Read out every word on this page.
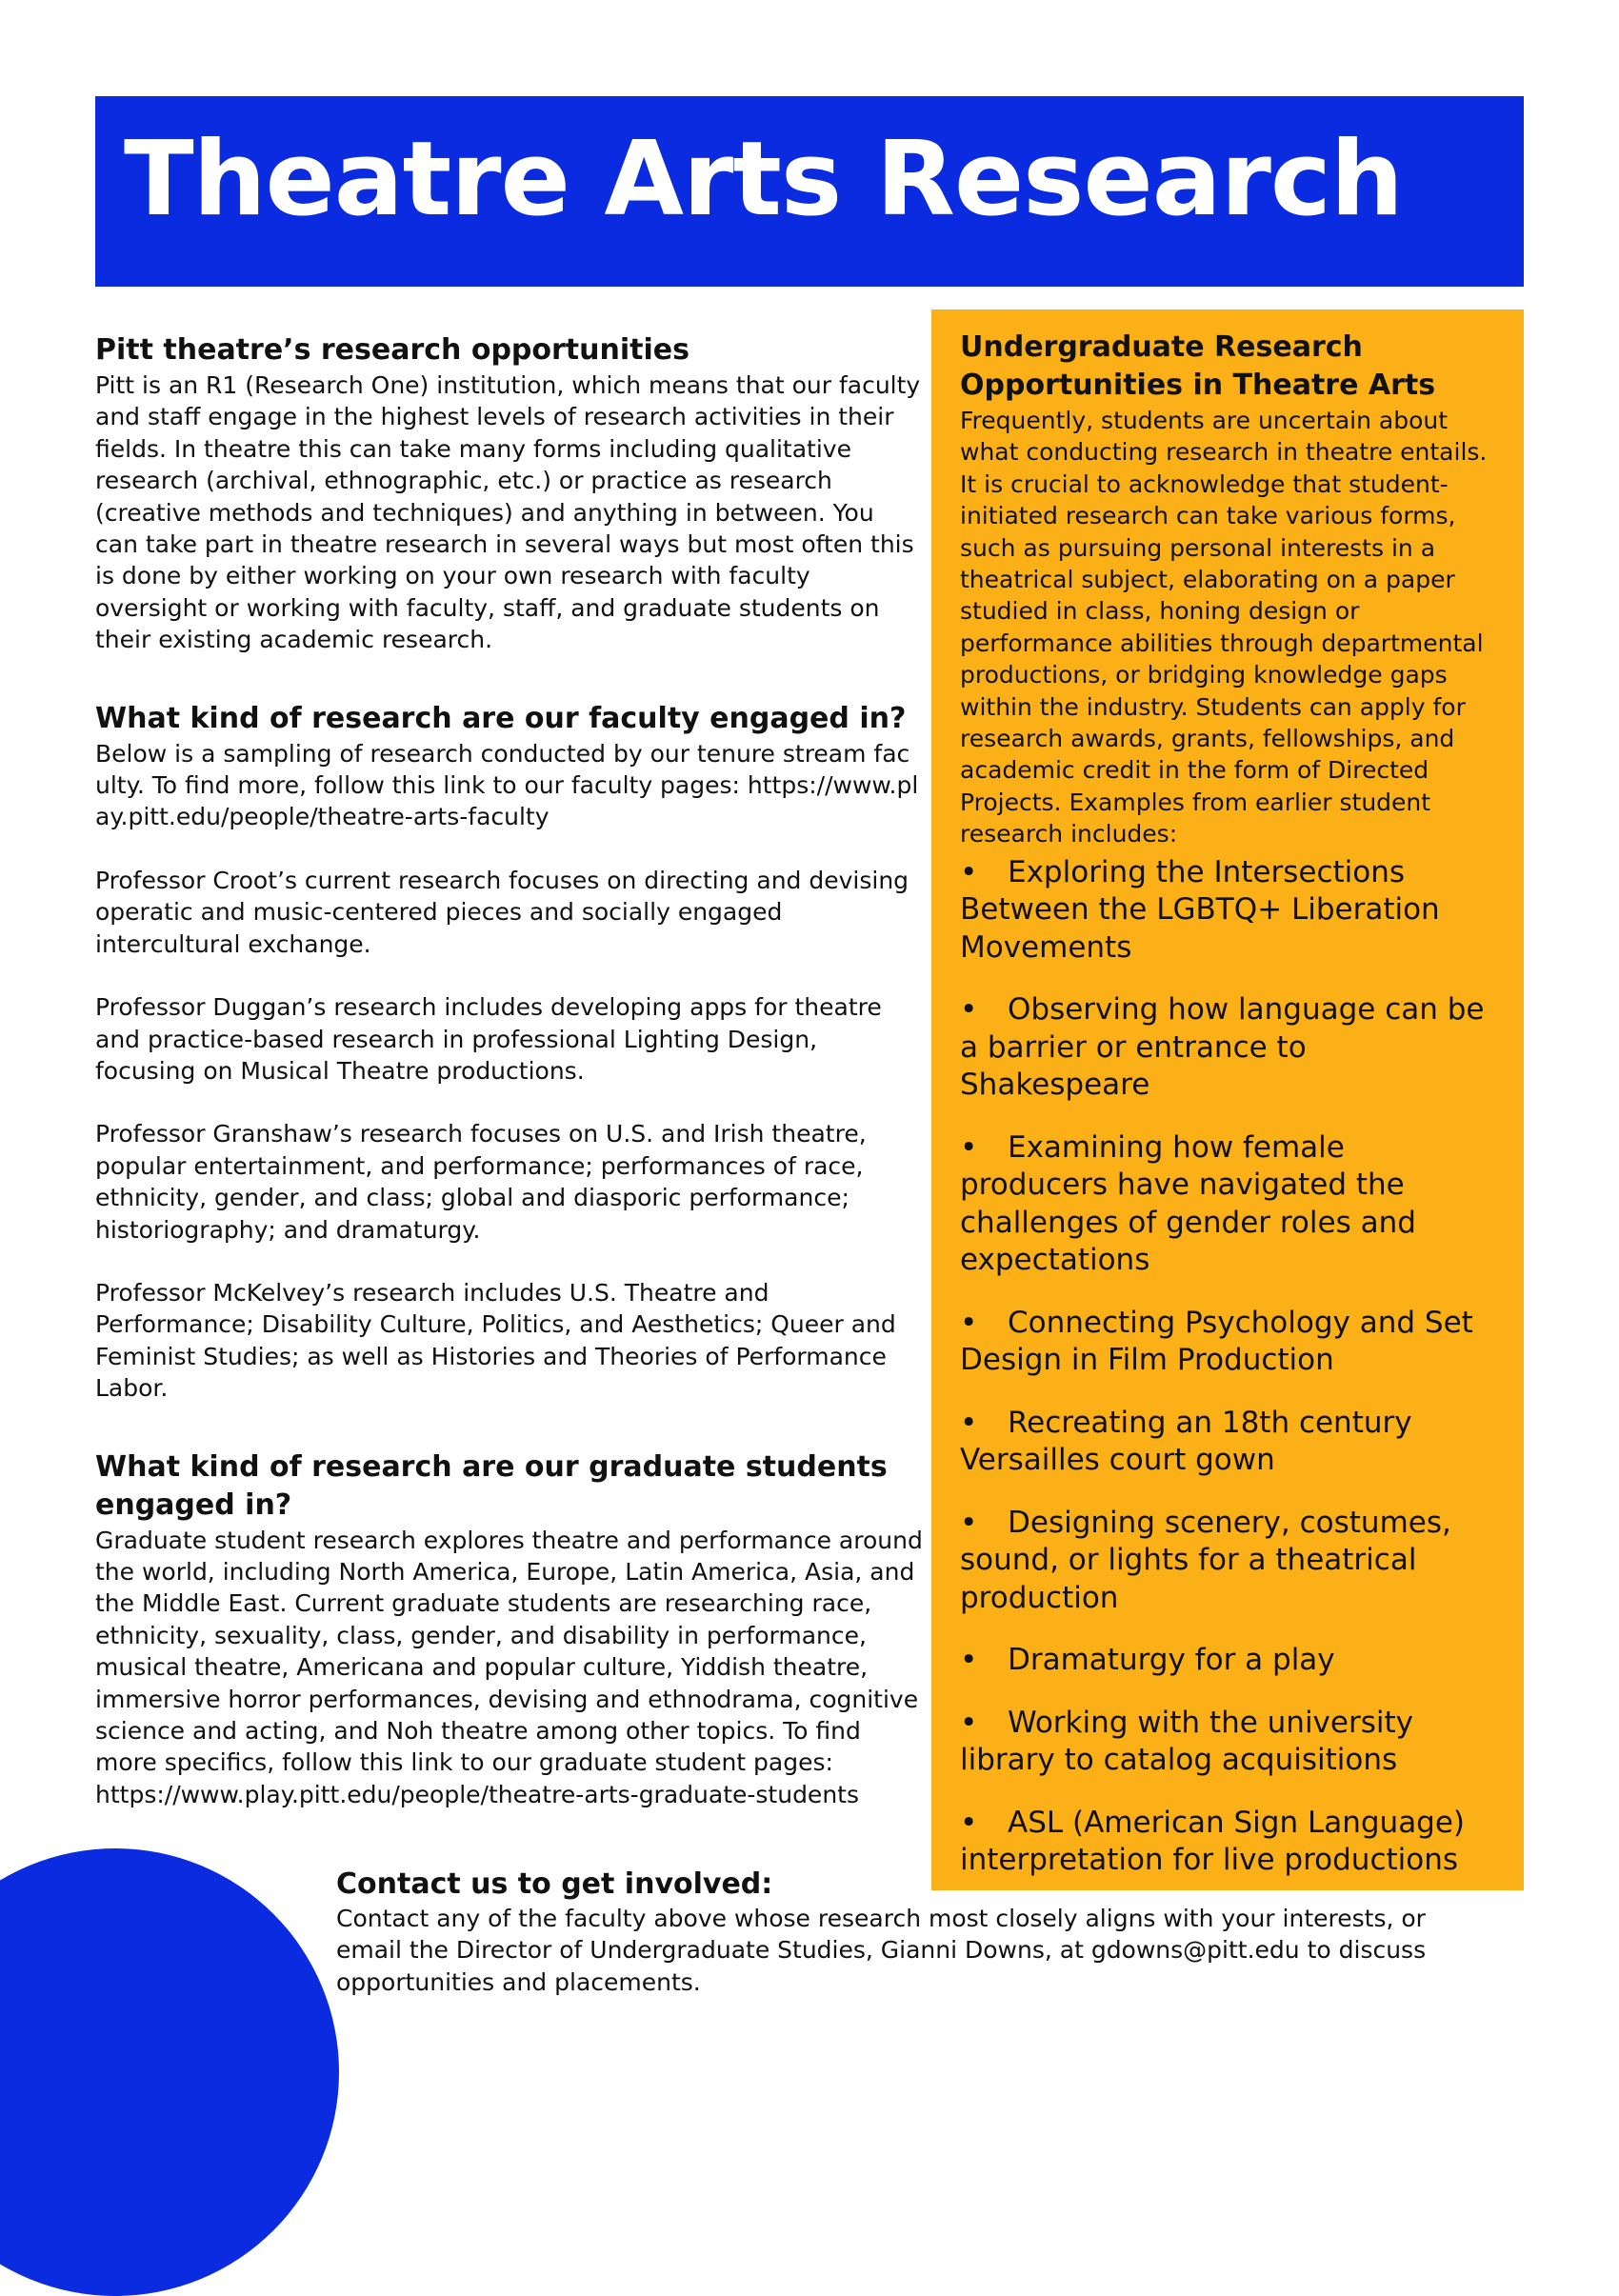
Theatre Arts Research
Pitt theatre’s research opportunities

Pitt is an R1 (Research One) institution, which means that our faculty and staff engage in the highest levels of research activities in their fields. In theatre this can take many forms including qualitative research (archival, ethnographic, etc.) or practice as research (creative methods and techniques) and anything in between. You can take part in theatre research in several ways but most often this is done by either working on your own research with faculty oversight or working with faculty, staff, and graduate students on their existing academic research.

What kind of research are our faculty engaged in?

Below is a sampling of research conducted by our tenure stream faculty. To find more, follow this link to our faculty pages: https://www.play.pitt.edu/people/theatre-arts-faculty

Professor Croot’s current research focuses on directing and devising operatic and music-centered pieces and socially engaged intercultural exchange.

Professor Duggan’s research includes developing apps for theatre and practice-based research in professional Lighting Design, focusing on Musical Theatre productions.

Professor Granshaw’s research focuses on U.S. and Irish theatre, popular entertainment, and performance; performances of race, ethnicity, gender, and class; global and diasporic performance; historiography; and dramaturgy.

Professor McKelvey’s research includes U.S. Theatre and Performance; Disability Culture, Politics, and Aesthetics; Queer and Feminist Studies; as well as Histories and Theories of Performance Labor.

What kind of research are our graduate students engaged in?

Graduate student research explores theatre and performance around the world, including North America, Europe, Latin America, Asia, and the Middle East. Current graduate students are researching race, ethnicity, sexuality, class, gender, and disability in performance, musical theatre, Americana and popular culture, Yiddish theatre, immersive horror performances, devising and ethnodrama, cognitive science and acting, and Noh theatre among other topics. To find more specifics, follow this link to our graduate student pages: https://www.play.pitt.edu/people/theatre-arts-graduate-students

Undergraduate Research Opportunities in Theatre Arts

Frequently, students are uncertain about what conducting research in theatre entails. It is crucial to acknowledge that student-initiated research can take various forms, such as pursuing personal interests in a theatrical subject, elaborating on a paper studied in class, honing design or performance abilities through departmental productions, or bridging knowledge gaps within the industry. Students can apply for research awards, grants, fellowships, and academic credit in the form of Directed Projects. Examples from earlier student research includes:

• Exploring the Intersections Between the LGBTQ+ Liberation Movements
• Observing how language can be a barrier or entrance to Shakespeare
• Examining how female producers have navigated the challenges of gender roles and expectations
• Connecting Psychology and Set Design in Film Production
• Recreating an 18th century Versailles court gown
• Designing scenery, costumes, sound, or lights for a theatrical production
• Dramaturgy for a play
• Working with the university library to catalog acquisitions
• ASL (American Sign Language) interpretation for live productions
Contact us to get involved:

Contact any of the faculty above whose research most closely aligns with your interests, or email the Director of Undergraduate Studies, Gianni Downs, at gdowns@pitt.edu to discuss opportunities and placements.
